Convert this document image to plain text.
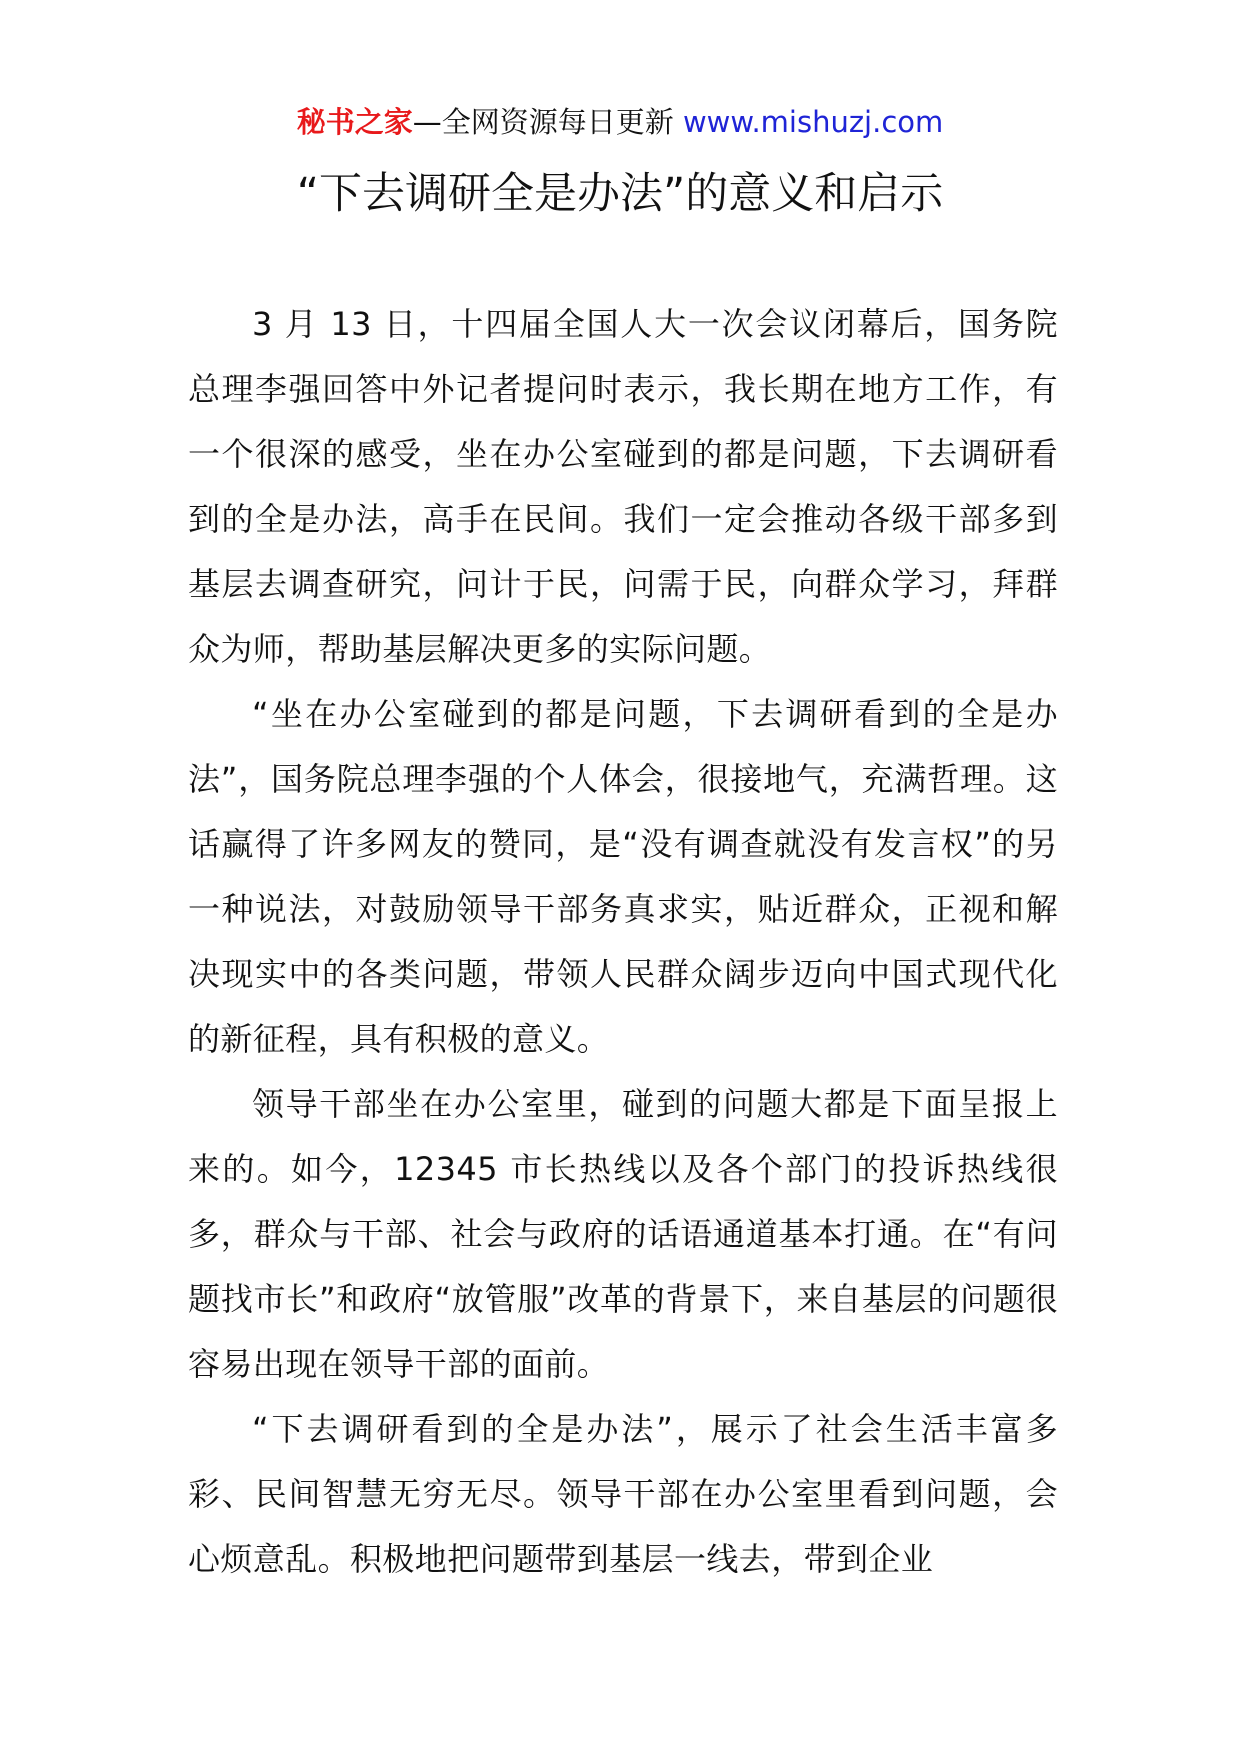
秘书之家—全网资源每日更新 www.mishuzj.com
“下去调研全是办法”的意义和启示

3 月 13 日，十四届全国人大一次会议闭幕后，国务院总理李强回答中外记者提问时表示，我长期在地方工作，有一个很深的感受，坐在办公室碰到的都是问题，下去调研看到的全是办法，高手在民间。我们一定会推动各级干部多到基层去调查研究，问计于民，问需于民，向群众学习，拜群众为师，帮助基层解决更多的实际问题。

“坐在办公室碰到的都是问题，下去调研看到的全是办法”，国务院总理李强的个人体会，很接地气，充满哲理。这话赢得了许多网友的赞同，是“没有调查就没有发言权”的另一种说法，对鼓励领导干部务真求实，贴近群众，正视和解决现实中的各类问题，带领人民群众阔步迈向中国式现代化的新征程，具有积极的意义。

领导干部坐在办公室里，碰到的问题大都是下面呈报上来的。如今，12345 市长热线以及各个部门的投诉热线很多，群众与干部、社会与政府的话语通道基本打通。在“有问题找市长”和政府“放管服”改革的背景下，来自基层的问题很容易出现在领导干部的面前。

“下去调研看到的全是办法”，展示了社会生活丰富多彩、民间智慧无穷无尽。领导干部在办公室里看到问题，会心烦意乱。积极地把问题带到基层一线去，带到企业
